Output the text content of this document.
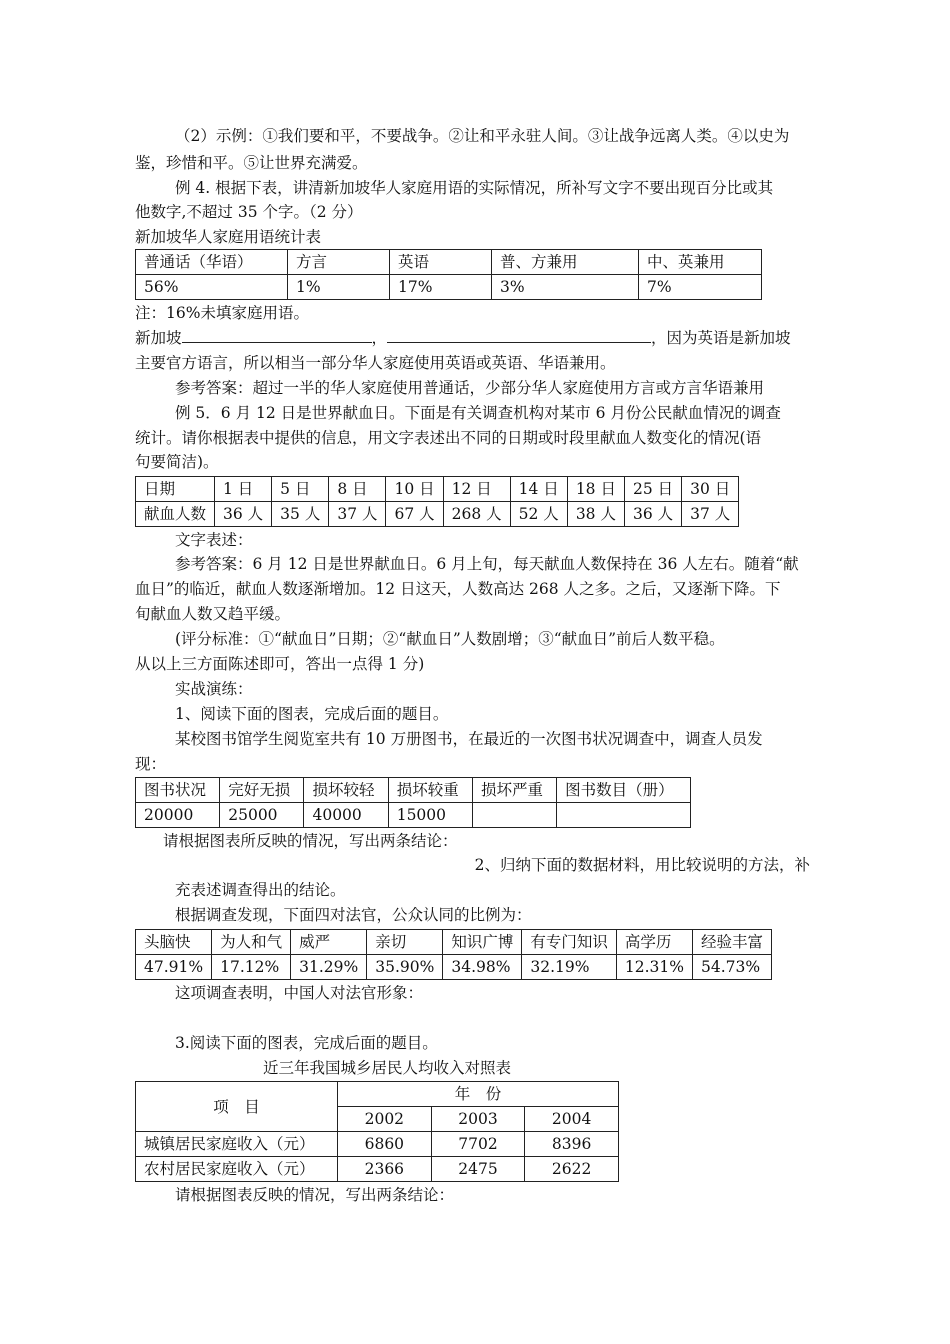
（2）示例：①我们要和平，不要战争。②让和平永驻人间。③让战争远离人类。④以史为
鉴，珍惜和平。⑤让世界充满爱。
例 4. 根据下表，讲清新加坡华人家庭用语的实际情况，所补写文字不要出现百分比或其
他数字,不超过 35 个字。（2 分）
新加坡华人家庭用语统计表
普通话（华语）	方言	英语	普、方兼用	中、英兼用
56%	1%	17%	3%	7%
注：16%未填家庭用语。
新加坡	，	，因为英语是新加坡
主要官方语言，所以相当一部分华人家庭使用英语或英语、华语兼用。
参考答案：超过一半的华人家庭使用普通话，少部分华人家庭使用方言或方言华语兼用
例 5．6 月 12 日是世界献血日。下面是有关调查机构对某市 6 月份公民献血情况的调查
统计。请你根据表中提供的信息，用文字表述出不同的日期或时段里献血人数变化的情况(语
句要简洁)。
日期	1 日	5 日	8 日	10 日	12 日	14 日	18 日	25 日	30 日
献血人数	36 人	35 人	37 人	67 人	268 人	52 人	38 人	36 人	37 人
文字表述：
参考答案：6 月 12 日是世界献血日。6 月上旬，每天献血人数保持在 36 人左右。随着“献
血日”的临近，献血人数逐渐增加。12 日这天，人数高达 268 人之多。之后，又逐渐下降。下
旬献血人数又趋平缓。
(评分标准：①“献血日”日期；②“献血日”人数剧增；③“献血日”前后人数平稳。
从以上三方面陈述即可，答出一点得 1 分)
实战演练：
1、阅读下面的图表，完成后面的题目。
某校图书馆学生阅览室共有 10 万册图书，在最近的一次图书状况调查中，调查人员发
现：
图书状况	完好无损	损坏较轻	损坏较重	损坏严重	图书数目（册）
20000	25000	40000	15000		
请根据图表所反映的情况，写出两条结论：
2、归纳下面的数据材料，用比较说明的方法，补
充表述调查得出的结论。
根据调查发现，下面四对法官，公众认同的比例为：
头脑快	为人和气	威严	亲切	知识广博	有专门知识	高学历	经验丰富
47.91%	17.12%	31.29%	35.90%	34.98%	32.19%	12.31%	54.73%
这项调查表明，中国人对法官形象：
3.阅读下面的图表，完成后面的题目。
近三年我国城乡居民人均收入对照表
项　目	年　份		
	2002	2003	2004
城镇居民家庭收入（元）	6860	7702	8396
农村居民家庭收入（元）	2366	2475	2622
请根据图表反映的情况，写出两条结论：
